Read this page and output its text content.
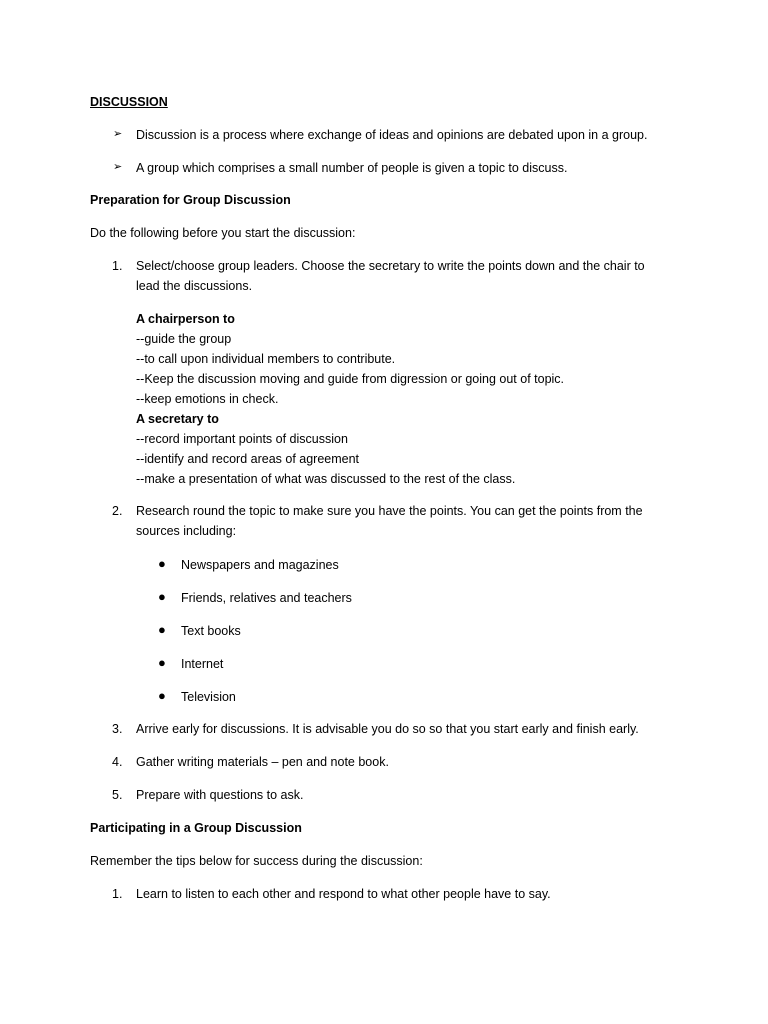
DISCUSSION
➢ Discussion is a process where exchange of ideas and opinions are debated upon in a group.
➢ A group which comprises a small number of people is given a topic to discuss.
Preparation for Group Discussion
Do the following before you start the discussion:
1. Select/choose group leaders. Choose the secretary to write the points down and the chair to
lead the discussions.
A chairperson to
--guide the group
--to call upon individual members to contribute.
--Keep the discussion moving and guide from digression or going out of topic.
--keep emotions in check.
A secretary to
--record important points of discussion
--identify and record areas of agreement
--make a presentation of what was discussed to the rest of the class.
2. Research round the topic to make sure you have the points. You can get the points from the
sources including:
● Newspapers and magazines
● Friends, relatives and teachers
● Text books
● Internet
● Television
3. Arrive early for discussions. It is advisable you do so so that you start early and finish early.
4. Gather writing materials – pen and note book.
5. Prepare with questions to ask.
Participating in a Group Discussion
Remember the tips below for success during the discussion:
1. Learn to listen to each other and respond to what other people have to say.
